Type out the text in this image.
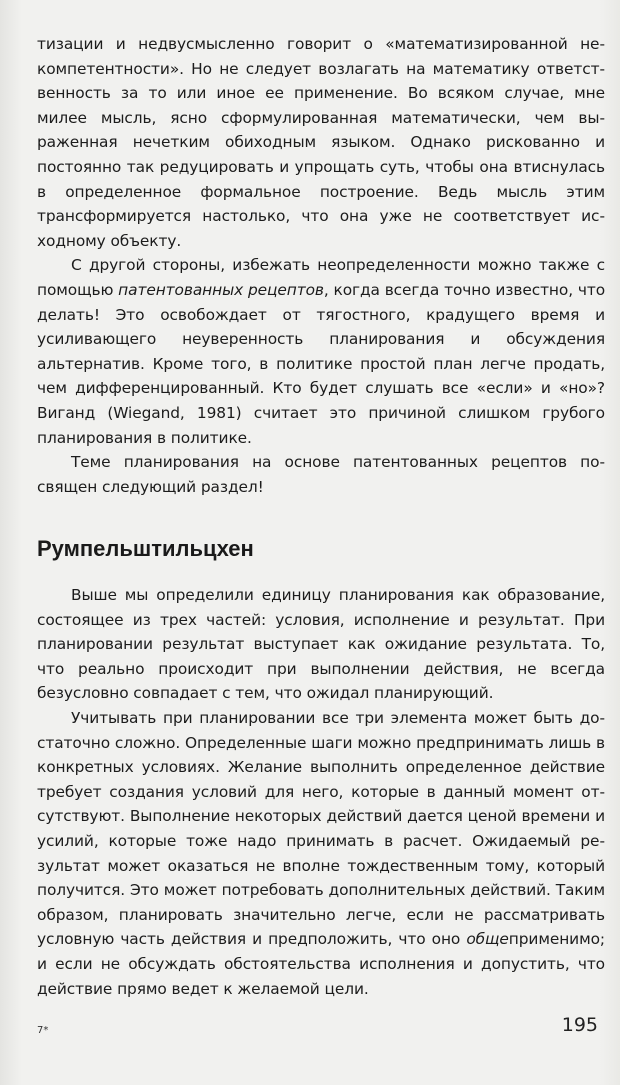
тизации и недвусмысленно говорит о «математизированной некомпетентности». Но не следует возлагать на математику ответственность за то или иное ее применение. Во всяком случае, мне милее мысль, ясно сформулированная математически, чем выраженная нечетким обиходным языком. Однако рискованно и постоянно так редуцировать и упрощать суть, чтобы она втиснулась в определенное формальное построение. Ведь мысль этим трансформируется настолько, что она уже не соответствует исходному объекту.

С другой стороны, избежать неопределенности можно также с помощью патентованных рецептов, когда всегда точно известно, что делать! Это освобождает от тягостного, крадущего время и усиливающего неуверенность планирования и обсуждения альтернатив. Кроме того, в политике простой план легче продать, чем дифференцированный. Кто будет слушать все «если» и «но»? Виганд (Wiegand, 1981) считает это причиной слишком грубого планирования в политике.

Теме планирования на основе патентованных рецептов посвящен следующий раздел!

Румпельштильцхен

Выше мы определили единицу планирования как образование, состоящее из трех частей: условия, исполнение и результат. При планировании результат выступает как ожидание результата. То, что реально происходит при выполнении действия, не всегда безусловно совпадает с тем, что ожидал планирующий.

Учитывать при планировании все три элемента может быть достаточно сложно. Определенные шаги можно предпринимать лишь в конкретных условиях. Желание выполнить определенное действие требует создания условий для него, которые в данный момент отсутствуют. Выполнение некоторых действий дается ценой времени и усилий, которые тоже надо принимать в расчет. Ожидаемый результат может оказаться не вполне тождественным тому, который получится. Это может потребовать дополнительных действий. Таким образом, планировать значительно легче, если не рассматривать условную часть действия и предположить, что оно общеприменимо; и если не обсуждать обстоятельства исполнения и допустить, что действие прямо ведет к желаемой цели.

7*	195
